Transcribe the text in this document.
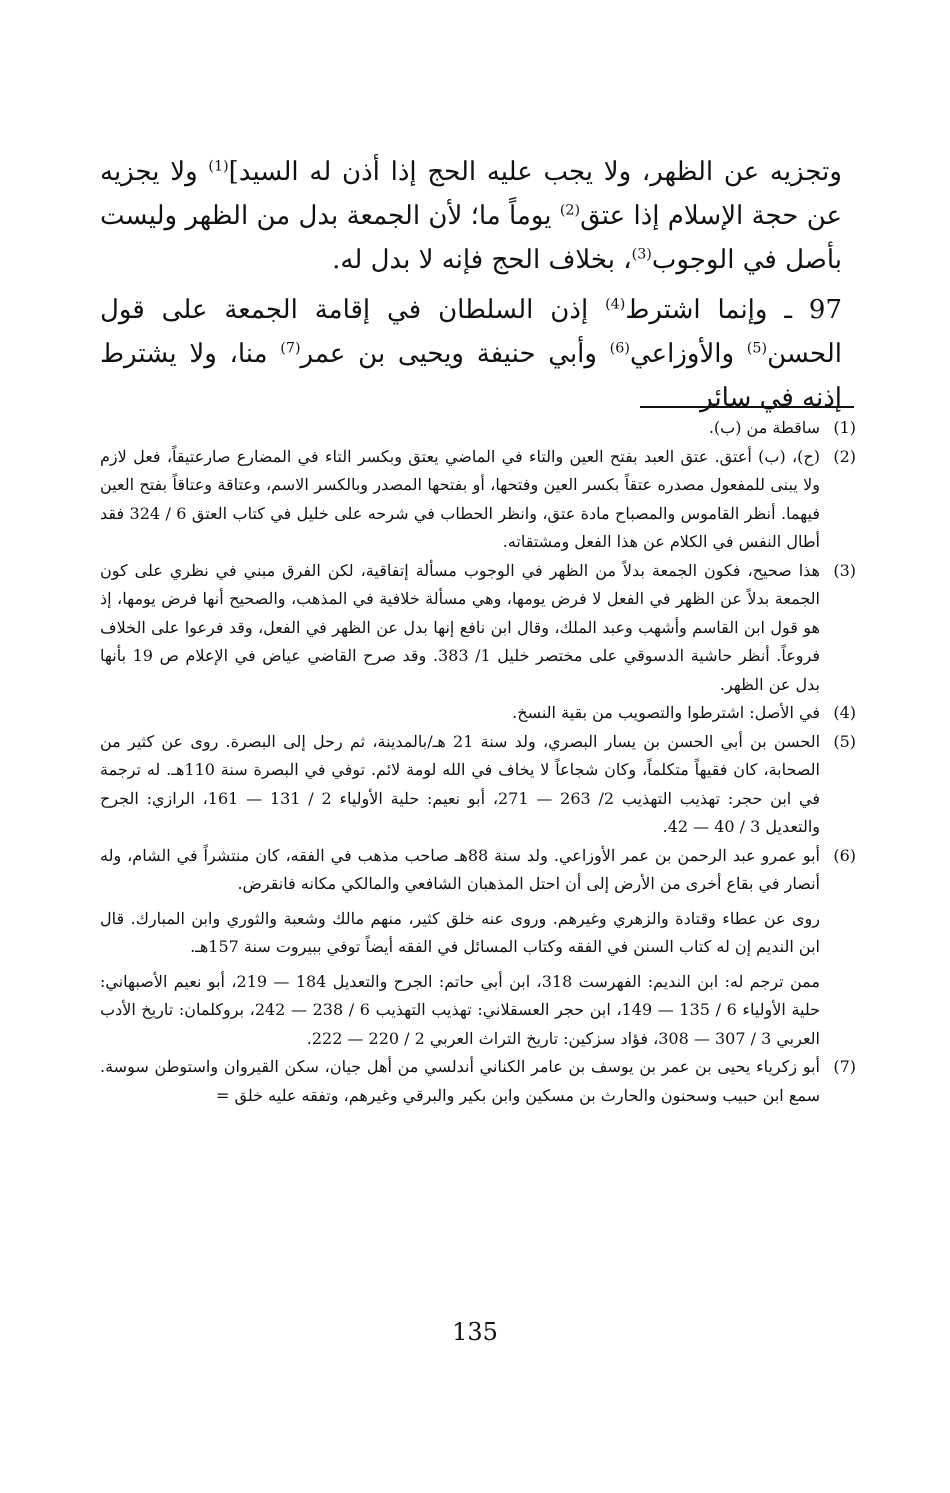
وتجزيه عن الظهر، ولا يجب عليه الحج إذا أذن له السيد]$^{(1)}$ ولا يجزيه عن حجة الإسلام إذا عتق$^{(2)}$ يوماً ما؛ لأن الجمعة بدل من الظهر وليست بأصل في الوجوب$^{(3)}$، بخلاف الحج فإنه لا بدل له.

97 ـ وإنما اشترط$^{(4)}$ إذن السلطان في إقامة الجمعة على قول الحسن$^{(5)}$ والأوزاعي$^{(6)}$ وأبي حنيفة ويحيى بن عمر$^{(7)}$ منا، ولا يشترط إذنه في سائر

(1)
ساقطة من (ب).
(2)
(ح)، (ب) أعتق. عتق العبد بفتح العين والتاء في الماضي يعتق وبكسر التاء في المضارع صارعتيقاً، فعل لازم ولا يبنى للمفعول مصدره عتقاً بكسر العين وفتحها، أو بفتحها المصدر وبالكسر الاسم، وعتاقة وعتاقاً بفتح العين فيهما. أنظر القاموس والمصباح مادة عتق، وانظر الحطاب في شرحه على خليل في كتاب العتق 6 / 324 فقد أطال النفس في الكلام عن هذا الفعل ومشتقاته.
(3)
هذا صحيح، فكون الجمعة بدلاً من الظهر في الوجوب مسألة إتفاقية، لكن الفرق مبني في نظري على كون الجمعة بدلاً عن الظهر في الفعل لا فرض يومها، وهي مسألة خلافية في المذهب، والصحيح أنها فرض يومها، إذ هو قول ابن القاسم وأشهب وعبد الملك، وقال ابن نافع إنها بدل عن الظهر في الفعل، وقد فرعوا على الخلاف فروعاً. أنظر حاشية الدسوقي على مختصر خليل 1/ 383. وقد صرح القاضي عياض في الإعلام ص 19 بأنها بدل عن الظهر.
(4)
في الأصل: اشترطوا والتصويب من بقية النسخ.
(5)
الحسن بن أبي الحسن بن يسار البصري، ولد سنة 21 هـ/بالمدينة، ثم رحل إلى البصرة. روى عن كثير من الصحابة، كان فقيهاً متكلماً، وكان شجاعاً لا يخاف في الله لومة لائم. توفي في البصرة سنة 110هـ. له ترجمة في ابن حجر: تهذيب التهذيب 2/ 263 — 271، أبو نعيم: حلية الأولياء 2 / 131 — 161، الرازي: الجرح والتعديل 3 / 40 — 42.
(6)
أبو عمرو عبد الرحمن بن عمر الأوزاعي. ولد سنة 88هـ صاحب مذهب في الفقه، كان منتشراً في الشام، وله أنصار في بقاع أخرى من الأرض إلى أن احتل المذهبان الشافعي والمالكي مكانه فانقرض.

روى عن عطاء وقتادة والزهري وغيرهم. وروى عنه خلق كثير، منهم مالك وشعبة والثوري وابن المبارك. قال ابن النديم إن له كتاب السنن في الفقه وكتاب المسائل في الفقه أيضاً توفي ببيروت سنة 157هـ.

ممن ترجم له: ابن النديم: الفهرست 318، ابن أبي حاتم: الجرح والتعديل 184 — 219، أبو نعيم الأصبهاني: حلية الأولياء 6 / 135 — 149، ابن حجر العسقلاني: تهذيب التهذيب 6 / 238 — 242، بروكلمان: تاريخ الأدب العربي 3 / 307 — 308، فؤاد سزكين: تاريخ التراث العربي 2 / 220 — 222.

(7)
أبو زكرياء يحيى بن عمر بن يوسف بن عامر الكناني أندلسي من أهل جيان، سكن القيروان واستوطن سوسة. سمع ابن حبيب وسحنون والحارث بن مسكين وابن بكير والبرقي وغيرهم، وتفقه عليه خلق =
135
